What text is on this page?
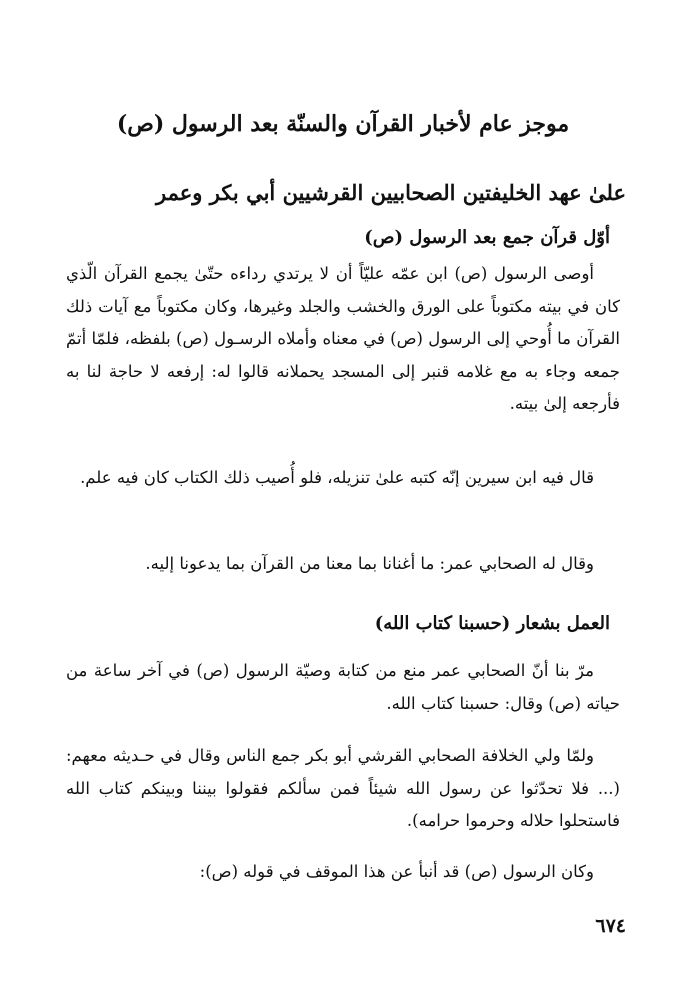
موجز عام لأخبار القرآن والسنّة بعد الرسول (ص)
علىٰ عهد الخليفتين الصحابيين القرشيين أبي بكر وعمر
أوّل قرآن جمع بعد الرسول (ص)

أوصى الرسول (ص) ابن عمّه عليّاً أن لا يرتدي رداءه حتّىٰ يجمع القرآن الّذي كان في بيته مكتوباً على الورق والخشب والجلد وغيرها، وكان مكتوباً مع آيات ذلك القرآن ما أُوحي إلى الرسول (ص) في معناه وأملاه الرسـول (ص) بلفظه، فلمّا أتمّ جمعه وجاء به مع غلامه قنبر إلى المسجد يحملانه قالوا له: إرفعه لا حاجة لنا به فأرجعه إلىٰ بيته.

قال فيه ابن سيرين إنّه كتبه علىٰ تنزيله، فلو أُصيب ذلك الكتاب كان فيه علم.

وقال له الصحابي عمر: ما أغنانا بما معنا من القرآن بما يدعونا إليه.

العمل بشعار (حسبنا كتاب الله)

مرّ بنا أنّ الصحابي عمر منع من كتابة وصيّة الرسول (ص) في آخر ساعة من حياته (ص) وقال: حسبنا كتاب الله.

ولمّا ولي الخلافة الصحابي القرشي أبو بكر جمع الناس وقال في حـديثه معهم: (... فلا تحدّثوا عن رسول الله شيئاً فمن سألكم فقولوا بيننا وبينكم كتاب الله فاستحلوا حلاله وحرموا حرامه).

وكان الرسول (ص) قد أنبأ عن هذا الموقف في قوله (ص):

٦٧٤
